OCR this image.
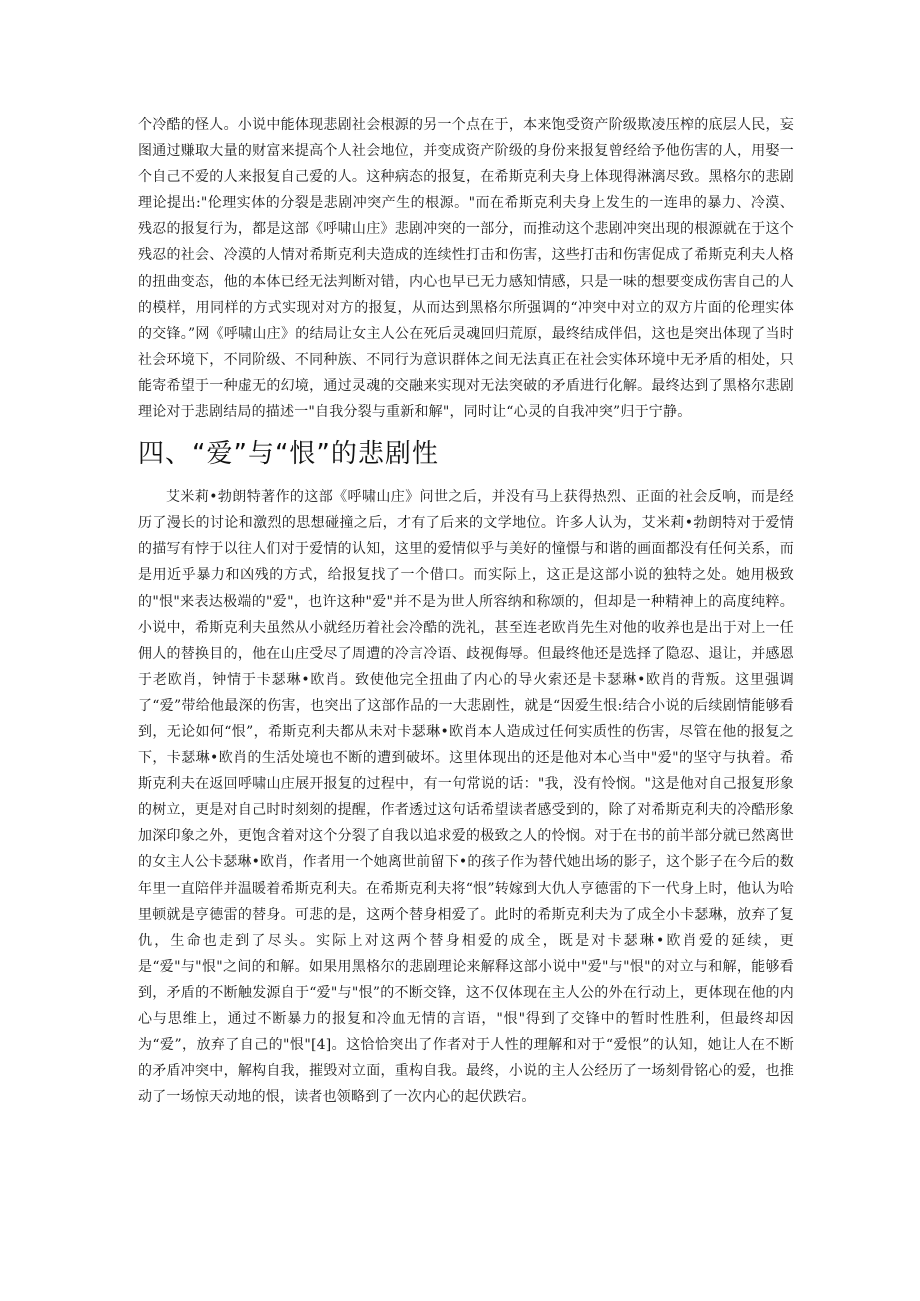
个冷酷的怪人。小说中能体现悲剧社会根源的另一个点在于，本来饱受资产阶级欺凌压榨的底层人民，妄图通过赚取大量的财富来提高个人社会地位，并变成资产阶级的身份来报复曾经给予他伤害的人，用娶一个自己不爱的人来报复自己爱的人。这种病态的报复，在希斯克利夫身上体现得淋漓尽致。黑格尔的悲剧理论提出:"伦理实体的分裂是悲剧冲突产生的根源。"而在希斯克利夫身上发生的一连串的暴力、冷漠、残忍的报复行为，都是这部《呼啸山庄》悲剧冲突的一部分，而推动这个悲剧冲突出现的根源就在于这个残忍的社会、冷漠的人情对希斯克利夫造成的连续性打击和伤害，这些打击和伤害促成了希斯克利夫人格的扭曲变态，他的本体已经无法判断对错，内心也早已无力感知情感，只是一味的想要变成伤害自己的人的模样，用同样的方式实现对对方的报复，从而达到黑格尔所强调的“冲突中对立的双方片面的伦理实体的交锋。”网《呼啸山庄》的结局让女主人公在死后灵魂回归荒原，最终结成伴侣，这也是突出体现了当时社会环境下，不同阶级、不同种族、不同行为意识群体之间无法真正在社会实体环境中无矛盾的相处，只能寄希望于一种虚无的幻境，通过灵魂的交融来实现对无法突破的矛盾进行化解。最终达到了黑格尔悲剧理论对于悲剧结局的描述一"自我分裂与重新和解"，同时让“心灵的自我冲突”归于宁静。

四、“爱”与“恨”的悲剧性

艾米莉•勃朗特著作的这部《呼啸山庄》问世之后，并没有马上获得热烈、正面的社会反响，而是经历了漫长的讨论和激烈的思想碰撞之后，才有了后来的文学地位。许多人认为，艾米莉•勃朗特对于爱情的描写有悖于以往人们对于爱情的认知，这里的爱情似乎与美好的憧憬与和谐的画面都没有任何关系，而是用近乎暴力和凶残的方式，给报复找了一个借口。而实际上，这正是这部小说的独特之处。她用极致的"恨"来表达极端的"爱"，也许这种"爱"并不是为世人所容纳和称颂的，但却是一种精神上的高度纯粹。小说中，希斯克利夫虽然从小就经历着社会冷酷的洗礼，甚至连老欧肖先生对他的收养也是出于对上一任佣人的替换目的，他在山庄受尽了周遭的冷言冷语、歧视侮辱。但最终他还是选择了隐忍、退让，并感恩于老欧肖，钟情于卡瑟琳•欧肖。致使他完全扭曲了内心的导火索还是卡瑟琳•欧肖的背叛。这里强调了“爱”带给他最深的伤害，也突出了这部作品的一大悲剧性，就是“因爱生恨:结合小说的后续剧情能够看到，无论如何“恨”，希斯克利夫都从未对卡瑟琳•欧肖本人造成过任何实质性的伤害，尽管在他的报复之下，卡瑟琳•欧肖的生活处境也不断的遭到破坏。这里体现出的还是他对本心当中"爱"的坚守与执着。希斯克利夫在返回呼啸山庄展开报复的过程中，有一句常说的话："我，没有怜悯。"这是他对自己报复形象的树立，更是对自己时时刻刻的提醒，作者透过这句话希望读者感受到的，除了对希斯克利夫的冷酷形象加深印象之外，更饱含着对这个分裂了自我以追求爱的极致之人的怜悯。对于在书的前半部分就已然离世的女主人公卡瑟琳•欧肖，作者用一个她离世前留下•的孩子作为替代她出场的影子，这个影子在今后的数年里一直陪伴并温暖着希斯克利夫。在希斯克利夫将“恨”转嫁到大仇人亨德雷的下一代身上时，他认为哈里顿就是亨德雷的替身。可悲的是，这两个替身相爱了。此时的希斯克利夫为了成全小卡瑟琳，放弃了复仇，生命也走到了尽头。实际上对这两个替身相爱的成全，既是对卡瑟琳•欧肖爱的延续，更是“爱"与"恨"之间的和解。如果用黑格尔的悲剧理论来解释这部小说中"爱"与"恨"的对立与和解，能够看到，矛盾的不断触发源自于“爱"与"恨”的不断交锋，这不仅体现在主人公的外在行动上，更体现在他的内心与思维上，通过不断暴力的报复和冷血无情的言语，"恨"得到了交锋中的暂时性胜利，但最终却因为“爱”，放弃了自己的"恨"[4]。这恰恰突出了作者对于人性的理解和对于“爱恨”的认知，她让人在不断的矛盾冲突中，解构自我，摧毁对立面，重构自我。最终，小说的主人公经历了一场刻骨铭心的爱，也推动了一场惊天动地的恨，读者也领略到了一次内心的起伏跌宕。
